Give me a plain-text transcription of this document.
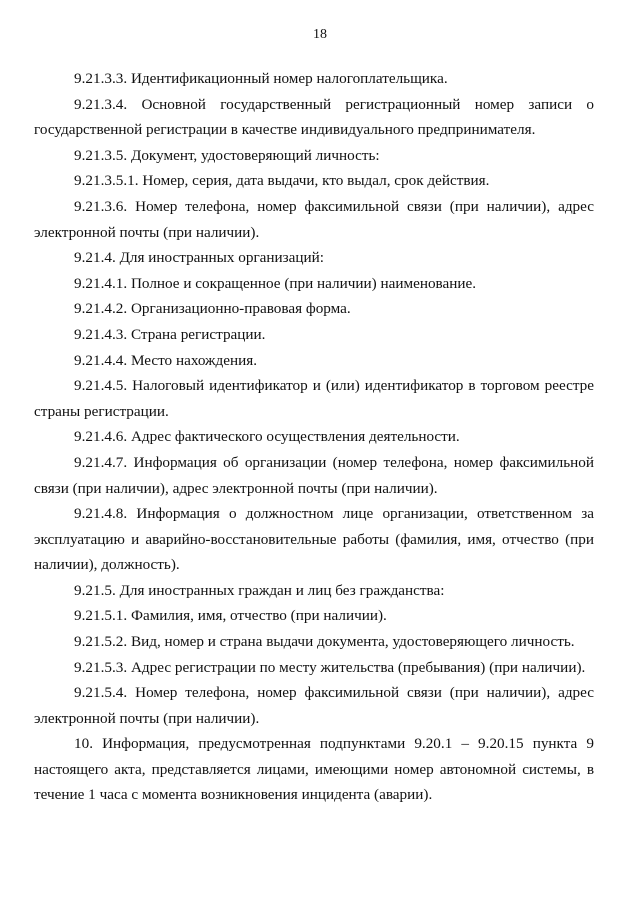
18

9.21.3.3. Идентификационный номер налогоплательщика.

9.21.3.4. Основной государственный регистрационный номер записи о государственной регистрации в качестве индивидуального предпринимателя.

9.21.3.5. Документ, удостоверяющий личность:

9.21.3.5.1. Номер, серия, дата выдачи, кто выдал, срок действия.

9.21.3.6. Номер телефона, номер факсимильной связи (при наличии), адрес электронной почты (при наличии).

9.21.4. Для иностранных организаций:

9.21.4.1. Полное и сокращенное (при наличии) наименование.

9.21.4.2. Организационно-правовая форма.

9.21.4.3. Страна регистрации.

9.21.4.4. Место нахождения.

9.21.4.5. Налоговый идентификатор и (или) идентификатор в торговом реестре страны регистрации.

9.21.4.6. Адрес фактического осуществления деятельности.

9.21.4.7. Информация об организации (номер телефона, номер факсимильной связи (при наличии), адрес электронной почты (при наличии).

9.21.4.8. Информация о должностном лице организации, ответственном за эксплуатацию и аварийно-восстановительные работы (фамилия, имя, отчество (при наличии), должность).

9.21.5. Для иностранных граждан и лиц без гражданства:

9.21.5.1. Фамилия, имя, отчество (при наличии).

9.21.5.2. Вид, номер и страна выдачи документа, удостоверяющего личность.

9.21.5.3. Адрес регистрации по месту жительства (пребывания) (при наличии).

9.21.5.4. Номер телефона, номер факсимильной связи (при наличии), адрес электронной почты (при наличии).

10. Информация, предусмотренная подпунктами 9.20.1 – 9.20.15 пункта 9 настоящего акта, представляется лицами, имеющими номер автономной системы, в течение 1 часа с момента возникновения инцидента (аварии).
